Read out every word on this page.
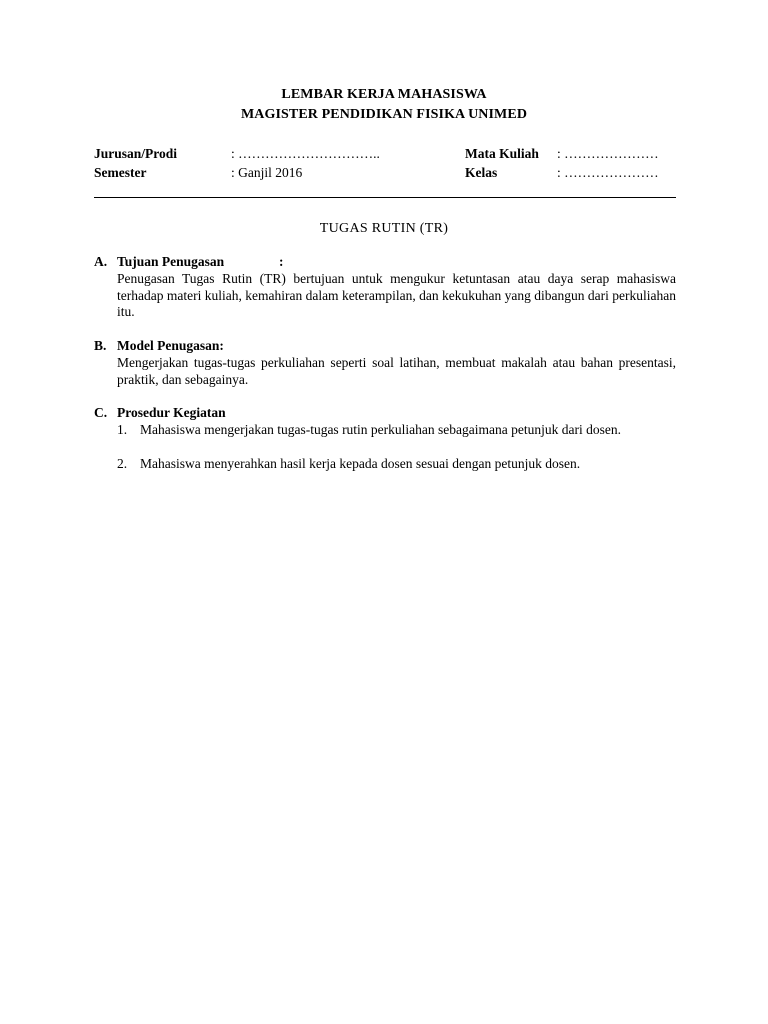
LEMBAR KERJA MAHASISWA
MAGISTER PENDIDIKAN FISIKA UNIMED
Jurusan/Prodi	: …………………………..	Mata Kuliah : …………………
Semester	: Ganjil 2016	Kelas	: …………………
TUGAS RUTIN (TR)
A. Tujuan Penugasan	:
Penugasan Tugas Rutin (TR) bertujuan untuk mengukur ketuntasan atau daya serap mahasiswa terhadap materi kuliah, kemahiran dalam keterampilan, dan kekukuhan yang dibangun dari perkuliahan itu.
B. Model Penugasan:
Mengerjakan tugas-tugas perkuliahan seperti soal latihan, membuat makalah atau bahan presentasi, praktik, dan sebagainya.
C. Prosedur Kegiatan
1. Mahasiswa mengerjakan tugas-tugas rutin perkuliahan sebagaimana petunjuk dari dosen.
2. Mahasiswa menyerahkan hasil kerja kepada dosen sesuai dengan petunjuk dosen.
